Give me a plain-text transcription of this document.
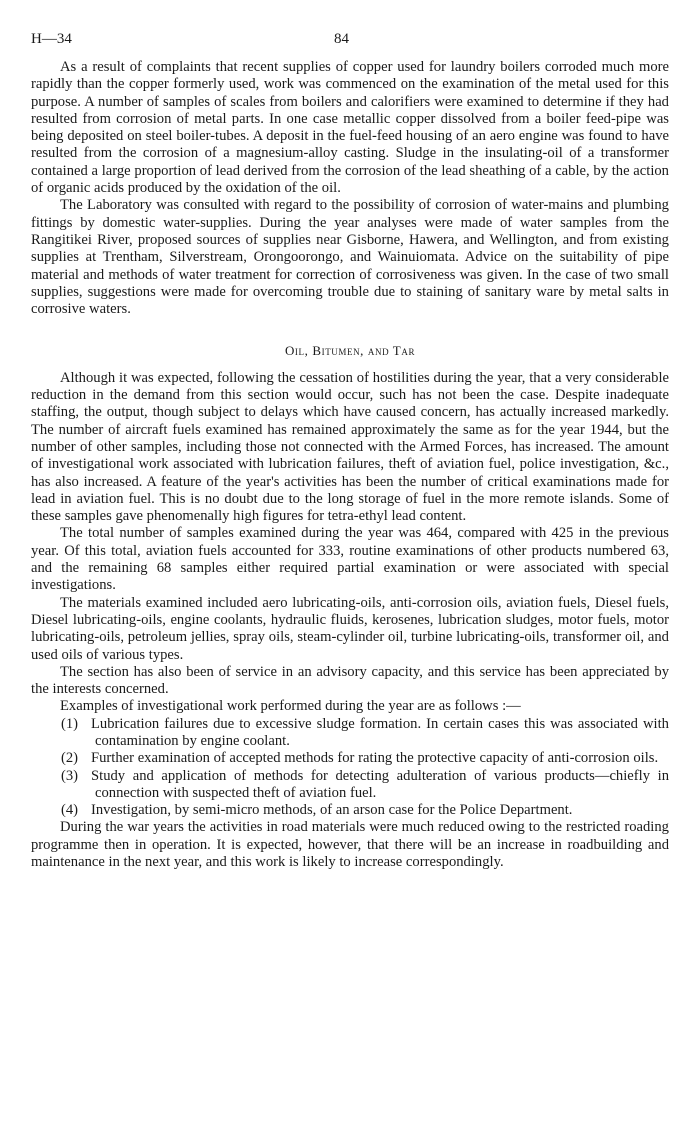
H—34	84

As a result of complaints that recent supplies of copper used for laundry boilers corroded much more rapidly than the copper formerly used, work was commenced on the examination of the metal used for this purpose. A number of samples of scales from boilers and calorifiers were examined to determine if they had resulted from corrosion of metal parts. In one case metallic copper dissolved from a boiler feed-pipe was being deposited on steel boiler-tubes. A deposit in the fuel-feed housing of an aero engine was found to have resulted from the corrosion of a magnesium-alloy casting. Sludge in the insulating-oil of a transformer contained a large proportion of lead derived from the corrosion of the lead sheathing of a cable, by the action of organic acids produced by the oxidation of the oil.

The Laboratory was consulted with regard to the possibility of corrosion of water-mains and plumbing fittings by domestic water-supplies. During the year analyses were made of water samples from the Rangitikei River, proposed sources of supplies near Gisborne, Hawera, and Wellington, and from existing supplies at Trentham, Silverstream, Orongoorongo, and Wainuiomata. Advice on the suitability of pipe material and methods of water treatment for correction of corrosiveness was given. In the case of two small supplies, suggestions were made for overcoming trouble due to staining of sanitary ware by metal salts in corrosive waters.

Oil, Bitumen, and Tar

Although it was expected, following the cessation of hostilities during the year, that a very considerable reduction in the demand from this section would occur, such has not been the case. Despite inadequate staffing, the output, though subject to delays which have caused concern, has actually increased markedly. The number of aircraft fuels examined has remained approximately the same as for the year 1944, but the number of other samples, including those not connected with the Armed Forces, has increased. The amount of investigational work associated with lubrication failures, theft of aviation fuel, police investigation, &c., has also increased. A feature of the year's activities has been the number of critical examinations made for lead in aviation fuel. This is no doubt due to the long storage of fuel in the more remote islands. Some of these samples gave phenomenally high figures for tetra-ethyl lead content.

The total number of samples examined during the year was 464, compared with 425 in the previous year. Of this total, aviation fuels accounted for 333, routine examinations of other products numbered 63, and the remaining 68 samples either required partial examination or were associated with special investigations.

The materials examined included aero lubricating-oils, anti-corrosion oils, aviation fuels, Diesel fuels, Diesel lubricating-oils, engine coolants, hydraulic fluids, kerosenes, lubrication sludges, motor fuels, motor lubricating-oils, petroleum jellies, spray oils, steam-cylinder oil, turbine lubricating-oils, transformer oil, and used oils of various types.

The section has also been of service in an advisory capacity, and this service has been appreciated by the interests concerned.

Examples of investigational work performed during the year are as follows :—

(1) Lubrication failures due to excessive sludge formation. In certain cases this was associated with contamination by engine coolant.
(2) Further examination of accepted methods for rating the protective capacity of anti-corrosion oils.
(3) Study and application of methods for detecting adulteration of various products—chiefly in connection with suspected theft of aviation fuel.
(4) Investigation, by semi-micro methods, of an arson case for the Police Department.

During the war years the activities in road materials were much reduced owing to the restricted roading programme then in operation. It is expected, however, that there will be an increase in roadbuilding and maintenance in the next year, and this work is likely to increase correspondingly.
